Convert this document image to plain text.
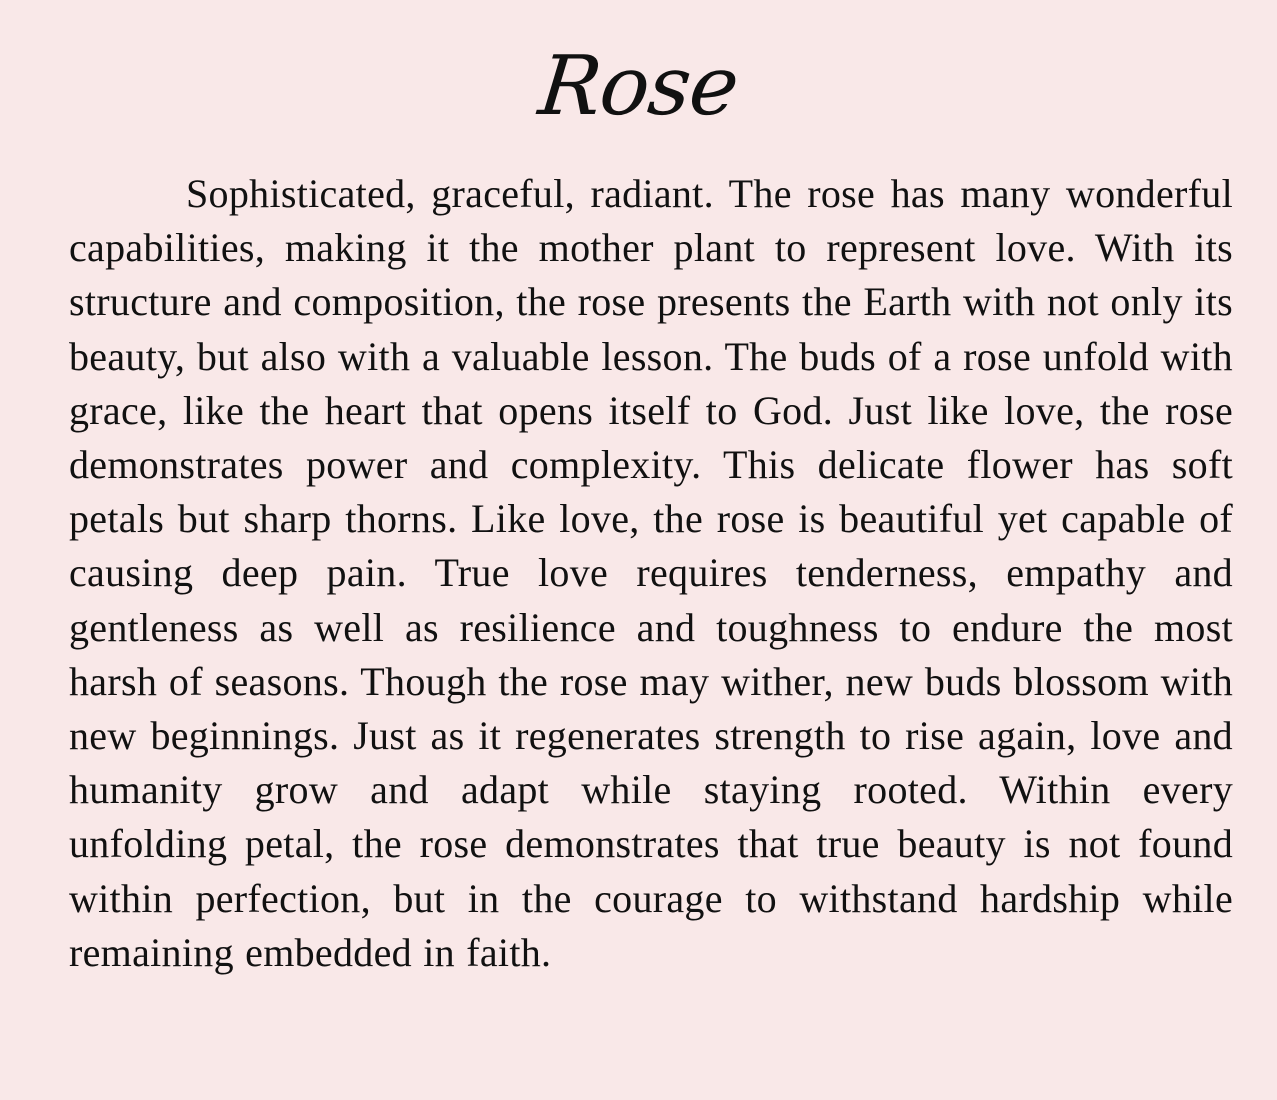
Rose

Sophisticated, graceful, radiant. The rose has many wonderful capabilities, making it the mother plant to represent love. With its structure and composition, the rose presents the Earth with not only its beauty, but also with a valuable lesson. The buds of a rose unfold with grace, like the heart that opens itself to God. Just like love, the rose demonstrates power and complexity. This delicate flower has soft petals but sharp thorns. Like love, the rose is beautiful yet capable of causing deep pain. True love requires tenderness, empathy and gentleness as well as resilience and toughness to endure the most harsh of seasons. Though the rose may wither, new buds blossom with new beginnings. Just as it regenerates strength to rise again, love and humanity grow and adapt while staying rooted. Within every unfolding petal, the rose demonstrates that true beauty is not found within perfection, but in the courage to withstand hardship while remaining embedded in faith.
